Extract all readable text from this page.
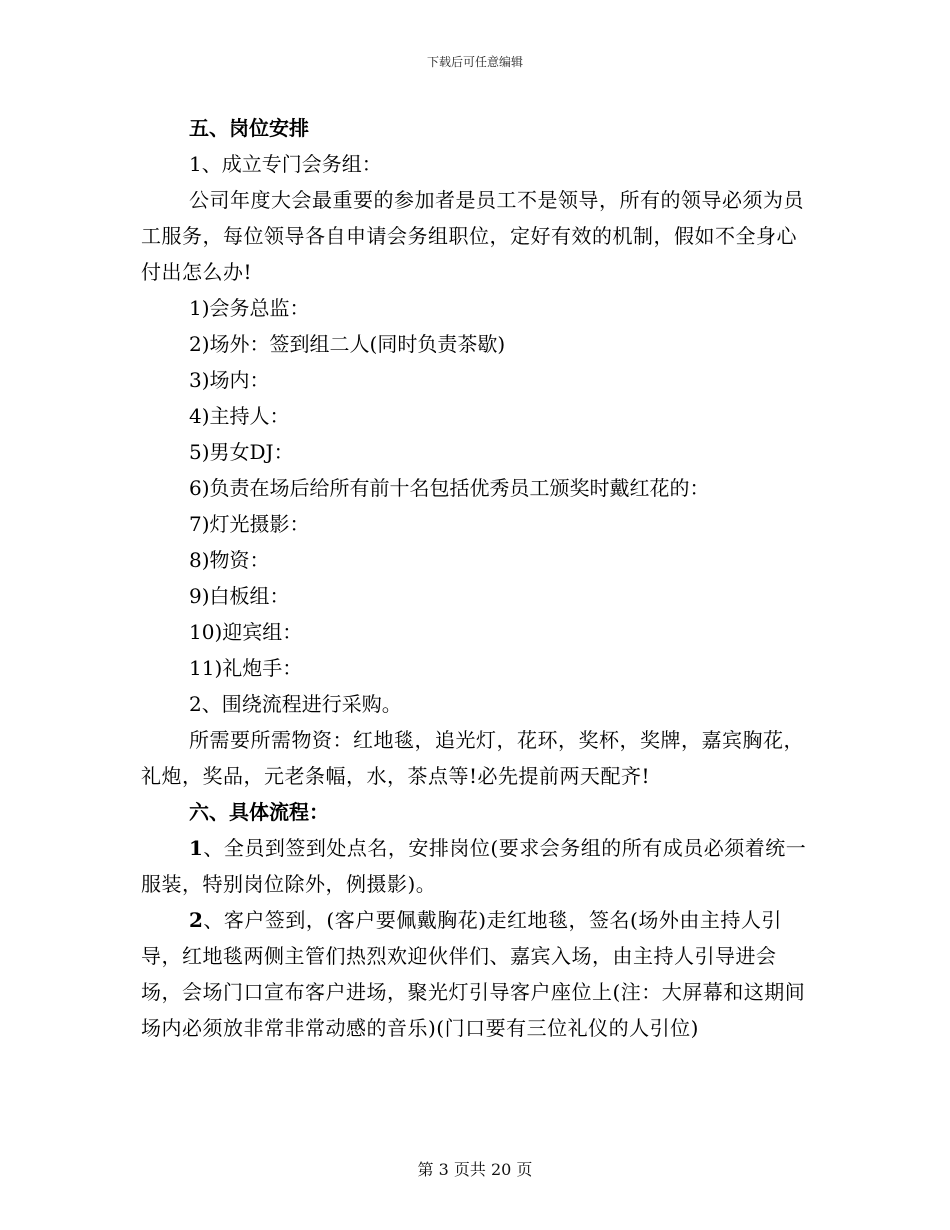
下载后可任意编辑

五、岗位安排

1、成立专门会务组：

公司年度大会最重要的参加者是员工不是领导，所有的领导必须为员工服务，每位领导各自申请会务组职位，定好有效的机制，假如不全身心付出怎么办!

1)会务总监：

2)场外：签到组二人(同时负责茶歇)

3)场内：

4)主持人：

5)男女DJ：

6)负责在场后给所有前十名包括优秀员工颁奖时戴红花的：

7)灯光摄影：

8)物资：

9)白板组：

10)迎宾组：

11)礼炮手：

2、围绕流程进行采购。

所需要所需物资：红地毯，追光灯，花环，奖杯，奖牌，嘉宾胸花，礼炮，奖品，元老条幅，水，茶点等!必先提前两天配齐!

六、具体流程：

1、全员到签到处点名，安排岗位(要求会务组的所有成员必须着统一服装，特别岗位除外，例摄影)。

2、客户签到，(客户要佩戴胸花)走红地毯，签名(场外由主持人引导，红地毯两侧主管们热烈欢迎伙伴们、嘉宾入场，由主持人引导进会场，会场门口宣布客户进场，聚光灯引导客户座位上(注：大屏幕和这期间场内必须放非常非常动感的音乐)(门口要有三位礼仪的人引位)

第 3 页共 20 页
